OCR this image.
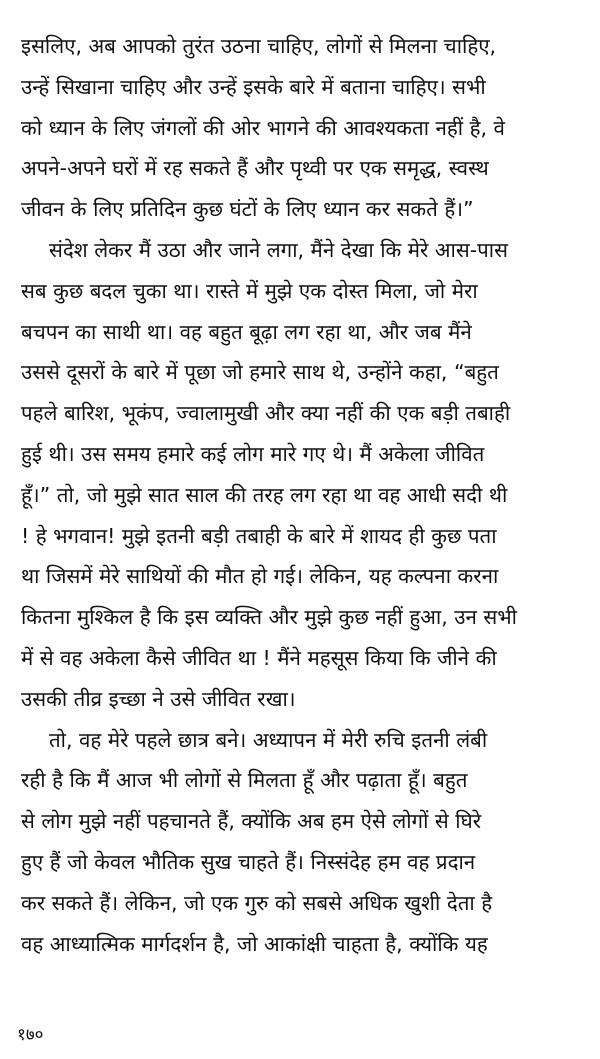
इसलिए, अब आपको तुरंत उठना चाहिए, लोगों से मिलना चाहिए,
उन्हें सिखाना चाहिए और उन्हें इसके बारे में बताना चाहिए। सभी
को ध्यान के लिए जंगलों की ओर भागने की आवश्यकता नहीं है, वे
अपने-अपने घरों में रह सकते हैं और पृथ्वी पर एक समृद्ध, स्वस्थ
जीवन के लिए प्रतिदिन कुछ घंटों के लिए ध्यान कर सकते हैं।”
संदेश लेकर मैं उठा और जाने लगा, मैंने देखा कि मेरे आस-पास
सब कुछ बदल चुका था। रास्ते में मुझे एक दोस्त मिला, जो मेरा
बचपन का साथी था। वह बहुत बूढ़ा लग रहा था, और जब मैंने
उससे दूसरों के बारे में पूछा जो हमारे साथ थे, उन्होंने कहा, “बहुत
पहले बारिश, भूकंप, ज्वालामुखी और क्या नहीं की एक बड़ी तबाही
हुई थी। उस समय हमारे कई लोग मारे गए थे। मैं अकेला जीवित
हूँ।” तो, जो मुझे सात साल की तरह लग रहा था वह आधी सदी थी
! हे भगवान! मुझे इतनी बड़ी तबाही के बारे में शायद ही कुछ पता
था जिसमें मेरे साथियों की मौत हो गई। लेकिन, यह कल्पना करना
कितना मुश्किल है कि इस व्यक्ति और मुझे कुछ नहीं हुआ, उन सभी
में से वह अकेला कैसे जीवित था ! मैंने महसूस किया कि जीने की
उसकी तीव्र इच्छा ने उसे जीवित रखा।
तो, वह मेरे पहले छात्र बने। अध्यापन में मेरी रुचि इतनी लंबी
रही है कि मैं आज भी लोगों से मिलता हूँ और पढ़ाता हूँ। बहुत
से लोग मुझे नहीं पहचानते हैं, क्योंकि अब हम ऐसे लोगों से घिरे
हुए हैं जो केवल भौतिक सुख चाहते हैं। निस्संदेह हम वह प्रदान
कर सकते हैं। लेकिन, जो एक गुरु को सबसे अधिक खुशी देता है
वह आध्यात्मिक मार्गदर्शन है, जो आकांक्षी चाहता है, क्योंकि यह
१७०
